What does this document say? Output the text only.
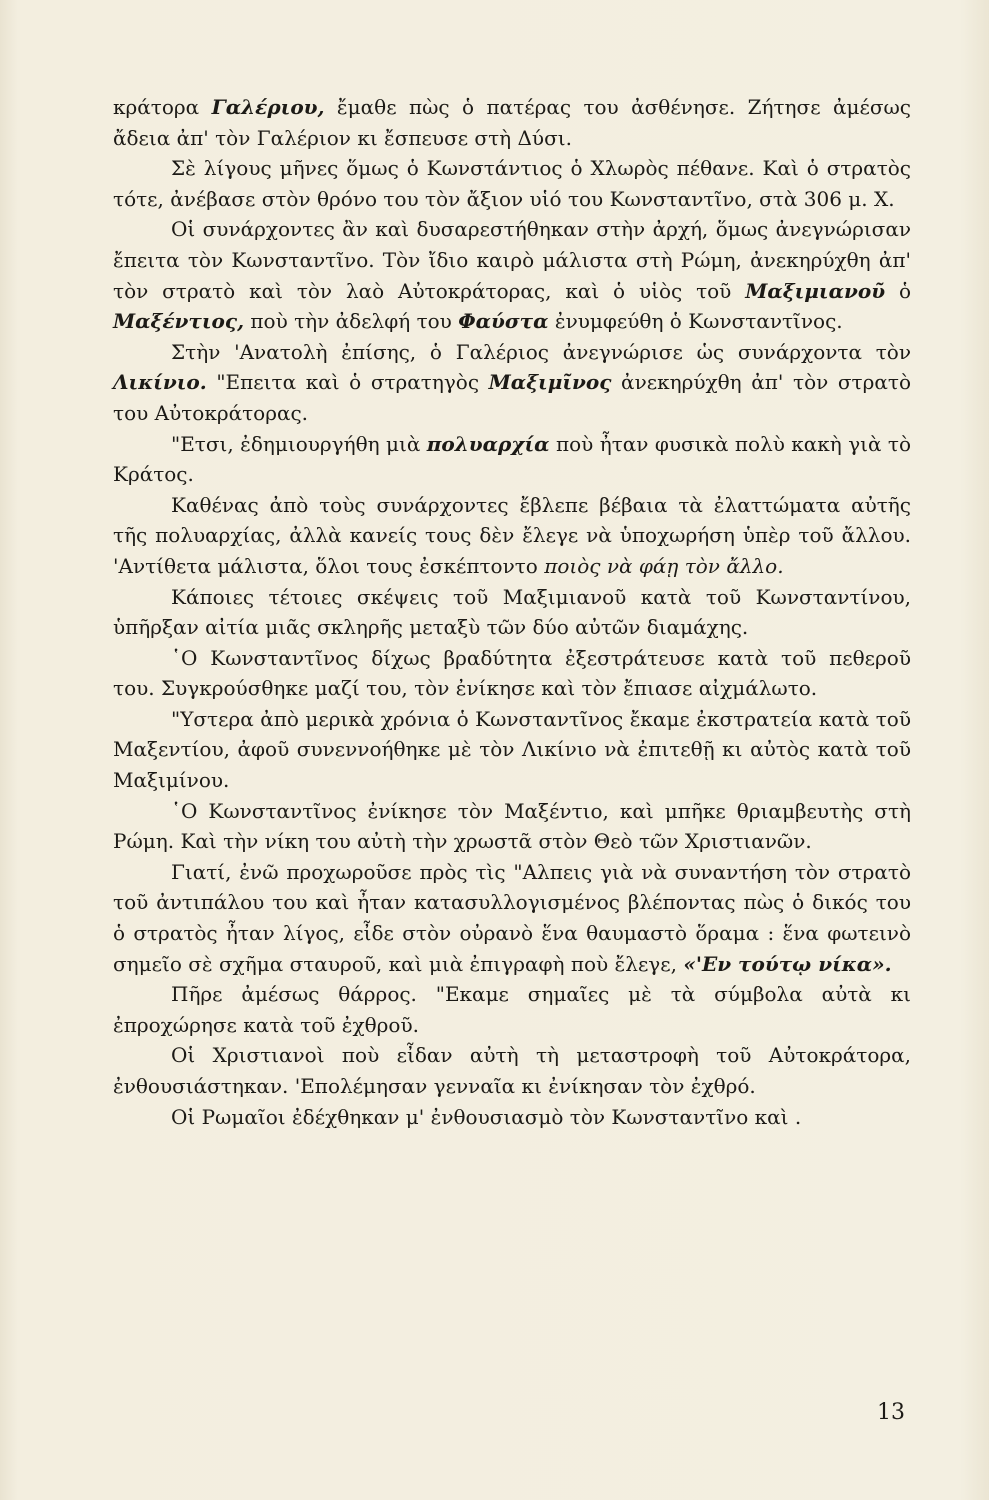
κράτορα Γαλέριου, ἔμαθε πὼς ὁ πατέρας του ἀσθένησε. Ζήτησε ἀμέσως ἄδεια ἀπ' τὸν Γαλέριον κι ἔσπευσε στὴ Δύσι.

Σὲ λίγους μῆνες ὅμως ὁ Κωνστάντιος ὁ Χλωρὸς πέθανε. Καὶ ὁ στρατὸς τότε, ἀνέβασε στὸν θρόνο του τὸν ἄξιον υἱό του Κωνσταντῖνο, στὰ 306 μ. Χ.

Οἱ συνάρχοντες ἂν καὶ δυσαρεστήθηκαν στὴν ἀρχή, ὅμως ἀνεγνώρισαν ἔπειτα τὸν Κωνσταντῖνο. Τὸν ἴδιο καιρὸ μάλιστα στὴ Ρώμη, ἀνεκηρύχθη ἀπ' τὸν στρατὸ καὶ τὸν λαὸ Αὐτοκράτορας, καὶ ὁ υἱὸς τοῦ Μαξιμιανοῦ ὁ Μαξέντιος, ποὺ τὴν ἀδελφή του Φαύστα ἐνυμφεύθη ὁ Κωνσταντῖνος.

Στὴν 'Ανατολὴ ἐπίσης, ὁ Γαλέριος ἀνεγνώρισε ὡς συνάρχοντα τὸν Λικίνιο. "Επειτα καὶ ὁ στρατηγὸς Μαξιμῖνος ἀνεκηρύχθη ἀπ' τὸν στρατὸ του Αὐτοκράτορας.

"Ετσι, ἐδημιουργήθη μιὰ πολυαρχία ποὺ ἦταν φυσικὰ πολὺ κακὴ γιὰ τὸ Κράτος.

Καθένας ἀπὸ τοὺς συνάρχοντες ἔβλεπε βέβαια τὰ ἐλαττώματα αὐτῆς τῆς πολυαρχίας, ἀλλὰ κανείς τους δὲν ἔλεγε νὰ ὑποχωρήση ὑπὲρ τοῦ ἄλλου. 'Αντίθετα μάλιστα, ὅλοι τους ἐσκέπτοντο ποιὸς νὰ φάῃ τὸν ἄλλο.

Κάποιες τέτοιες σκέψεις τοῦ Μαξιμιανοῦ κατὰ τοῦ Κωνσταντίνου, ὑπῆρξαν αἰτία μιᾶς σκληρῆς μεταξὺ τῶν δύο αὐτῶν διαμάχης.

῾Ο Κωνσταντῖνος δίχως βραδύτητα ἐξεστράτευσε κατὰ τοῦ πεθεροῦ του. Συγκρούσθηκε μαζί του, τὸν ἐνίκησε καὶ τὸν ἔπιασε αἰχμάλωτο.

"Υστερα ἀπὸ μερικὰ χρόνια ὁ Κωνσταντῖνος ἔκαμε ἐκστρατεία κατὰ τοῦ Μαξεντίου, ἀφοῦ συνεννοήθηκε μὲ τὸν Λικίνιο νὰ ἐπιτεθῇ κι αὐτὸς κατὰ τοῦ Μαξιμίνου.

῾Ο Κωνσταντῖνος ἐνίκησε τὸν Μαξέντιο, καὶ μπῆκε θριαμβευτὴς στὴ Ρώμη. Καὶ τὴν νίκη του αὐτὴ τὴν χρωστᾶ στὸν Θεὸ τῶν Χριστιανῶν.

Γιατί, ἐνῶ προχωροῦσε πρὸς τὶς "Αλπεις γιὰ νὰ συναντήση τὸν στρατὸ τοῦ ἀντιπάλου του καὶ ἦταν κατασυλλογισμένος βλέποντας πὼς ὁ δικός του ὁ στρατὸς ἦταν λίγος, εἶδε στὸν οὐρανὸ ἕνα θαυμαστὸ ὅραμα : ἕνα φωτεινὸ σημεῖο σὲ σχῆμα σταυροῦ, καὶ μιὰ ἐπιγραφὴ ποὺ ἔλεγε, «'Εν τούτῳ νίκα».

Πῆρε ἀμέσως θάρρος. "Εκαμε σημαῖες μὲ τὰ σύμβολα αὐτὰ κι ἐπροχώρησε κατὰ τοῦ ἐχθροῦ.

Οἱ Χριστιανοὶ ποὺ εἶδαν αὐτὴ τὴ μεταστροφὴ τοῦ Αὐτοκράτορα, ἐνθουσιάστηκαν. 'Επολέμησαν γενναῖα κι ἐνίκησαν τὸν ἐχθρό.

Οἱ Ρωμαῖοι ἐδέχθηκαν μ' ἐνθουσιασμὸ τὸν Κωνσταντῖνο καὶ .

13
